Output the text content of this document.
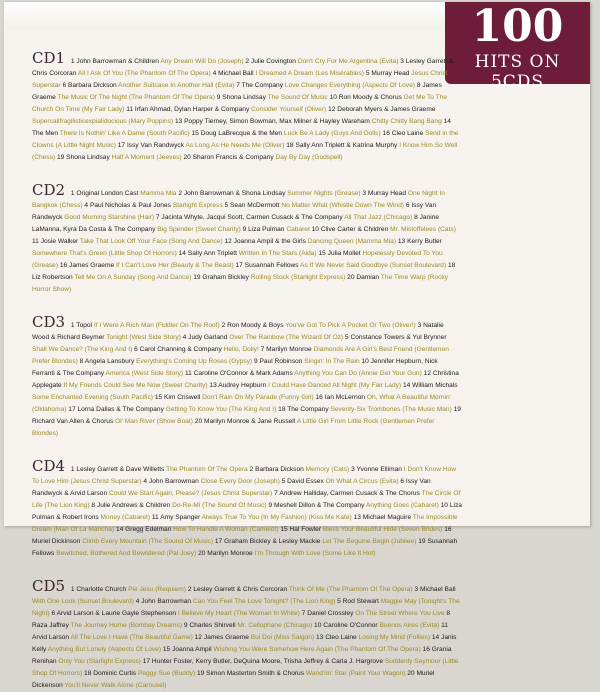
100
HITS ON 5CDS

CD1 1 John Barrowman & Children Any Dream Will Do (Joseph) 2 Julie Covington Don't Cry For Me Argentina (Evita) 3 Lesley Garrett & Chris Corcoran All I Ask Of You (The Phantom Of The Opera) 4 Michael Ball I Dreamed A Dream (Les Misérables) 5 Murray Head Jesus Christ Superstar 6 Barbara Dickson Another Suitcase In Another Hall (Evita) 7 The Company Love Changes Everything (Aspects Of Love) 8 James Graeme The Music Of The Night (The Phantom Of The Opera) 9 Shona Lindsay The Sound Of Music 10 Ron Moody & Chorus Get Me To The Church On Time (My Fair Lady) 11 Irfan Ahmad, Dylan Harper & Company Consider Yourself (Oliver) 12 Deborah Myers & James Graeme Supercalifragilisticexpialidocious (Mary Poppins) 13 Poppy Tierney, Simon Bowman, Max Milner & Hayley Wareham Chitty Chitty Bang Bang 14 The Men There Is Nothin' Like A Dame (South Pacific) 15 Doug LaBrecque & the Men Luck Be A Lady (Guys And Dolls) 16 Cleo Laine Send in the Clowns (A Little Night Music) 17 Issy Van Randwyck As Long As He Needs Me (Oliver) 18 Sally Ann Triplett & Katrina Murphy I Know Him So Well (Chess) 19 Shona Lindsay Half A Moment (Jeeves) 20 Sharon Francis & Company Day By Day (Godspell)

CD2 1 Original London Cast Mamma Mia 2 John Barrowman & Shona Lindsay Summer Nights (Grease) 3 Murray Head One Night In Bangkok (Chess) 4 Paul Nicholas & Paul Jones Starlight Express 5 Sean McDermott No Matter What (Whistle Down The Wind) 6 Issy Van Randwyck Good Morning Starshine (Hair) 7 Jacinta Whyte, Jacqui Scott, Carmen Cusack & The Company All That Jazz (Chicago) 8 Janine LaManna, Kyra Da Costa & The Company Big Spender (Sweet Charity) 9 Liza Pulman Cabaret 10 Clive Carter & Children Mr. Mistoffelees (Cats) 11 Josie Walker Take That Look Off Your Face (Song And Dance) 12 Joanna Ampil & the Girls Dancing Queen (Mamma Mia) 13 Kerry Butler Somewhere That's Green (Little Shop Of Horrors) 14 Sally Ann Triplett Written In The Stars (Aida) 15 Julia Mollet Hopelessly Devoted To You (Grease) 16 James Graeme If I Can't Love Her (Beauty & The Beast) 17 Susannah Fellows As If We Never Said Goodbye (Sunset Boulevard) 18 Liz Robertson Tell Me On A Sunday (Song And Dance) 19 Graham Bickley Rolling Stock (Starlight Express) 20 Damian The Time Warp (Rocky Horror Show)

CD3 1 Topol If I Were A Rich Man (Fiddler On The Roof) 2 Ron Moody & Boys You've Got To Pick A Pocket Or Two (Oliver!) 3 Natalie Wood & Richard Beymer Tonight (West Side Story) 4 Judy Garland Over The Rainbow (The Wizard Of Oz) 5 Constance Towers & Yul Brynner Shall We Dance? (The King And I) 6 Carol Channing & Company Hello, Dolly! 7 Marilyn Monroe Diamonds Are A Girl's Best Friend (Gentlemen Prefer Blondes) 8 Angela Lansbury Everything's Coming Up Roses (Gypsy) 9 Paul Robinson Singin' In The Rain 10 Jennifer Hepburn, Nick Ferranti & The Company America (West Side Story) 11 Caroline O'Connor & Mark Adams Anything You Can Do (Annie Get Your Gun) 12 Christina Applegate If My Friends Could See Me Now (Sweet Charity) 13 Audrey Hepburn I Could Have Danced All Night (My Fair Lady) 14 William Michals Some Enchanted Evening (South Pacific) 15 Kim Criswell Don't Rain On My Parade (Funny Girl) 16 Ian McLernon Oh, What A Beautiful Mornin' (Oklahoma) 17 Lorna Dallas & The Company Getting To Know You (The King And I) 18 The Company Seventy-Six Trombones (The Music Man) 19 Richard Van Allen & Chorus Ol' Man River (Show Boat) 20 Marilyn Monroe & Jane Russell A Little Girl From Little Rock (Gentlemen Prefer Blondes)

CD4 1 Lesley Garrett & Dave Willetts The Phantom Of The Opera 2 Barbara Dickson Memory (Cats) 3 Yvonne Elliman I Don't Know How To Love Him (Jesus Christ Superstar) 4 John Barrowman Close Every Door (Joseph) 5 David Essex Oh What A Circus (Evita) 6 Issy Van Randwyck & Arvid Larson Could We Start Again, Please? (Jesus Christ Superstar) 7 Andrew Halliday, Carmen Cusack & The Chorus The Circle Of Life (The Lion King) 8 Julie Andrews & Children Do-Re-Mi (The Sound Of Music) 9 Meshell Dillon & The Company Anything Goes (Cabaret) 10 Liza Pulman & Robert Irons Money (Cabaret) 11 Amy Spanger Always True To You (In My Fashion) (Kiss Me Kate) 13 Michael Maguire The Impossible Dream (Man Of La Mancha) 14 Gregg Edelman How To Handle A Woman (Camelot) 15 Hal Fowler Bless Your Beautiful Hide (Seven Brides) 16 Muriel Dickinson Climb Every Mountain (The Sound Of Music) 17 Graham Bickley & Lesley Mackie Let The Beguine Begin (Jubilee) 19 Susannah Fellows Bewitched, Bothered And Bewildered (Pal Joey) 20 Marilyn Monroe I'm Through With Love (Some Like It Hot)

CD5 1 Charlotte Church Pie Jesu (Requiem) 2 Lesley Garrett & Chris Corcoran Think Of Me (The Phantom Of The Opera) 3 Michael Ball With One Look (Sunset Boulevard) 4 John Barrowman Can You Feel The Love Tonight? (The Lion King) 5 Rod Stewart Maggie May (Tonight's The Night) 6 Arvid Larson & Laurie Gayle Stephenson I Believe My Heart (The Woman In White) 7 Daniel Crossley On The Street Where You Live 8 Raza Jaffrey The Journey Home (Bombay Dreams) 9 Charles Shirvell Mr. Cellophane (Chicago) 10 Caroline O'Connor Buenos Aires (Evita) 11 Arvid Larson All The Love I Have (The Beautiful Game) 12 James Graeme Bui Doi (Miss Saigon) 13 Cleo Laine Losing My Mind (Follies) 14 Janis Kelly Anything But Lonely (Aspects Of Love) 15 Joanna Ampil Wishing You Were Somehow Here Again (The Phantom Of The Opera) 16 Grania Renihan Only You (Starlight Express) 17 Hunter Foster, Kerry Butler, DeQuina Moore, Trisha Jeffrey & Carla J. Hargrove Suddenly Seymour (Little Shop Of Horrors) 18 Dominic Curtis Peggy Sue (Buddy) 19 Simon Masterton Smith & Chorus Wand'rin' Star (Paint Your Wagon) 20 Muriel Dickenson You'll Never Walk Alone (Carousel)
